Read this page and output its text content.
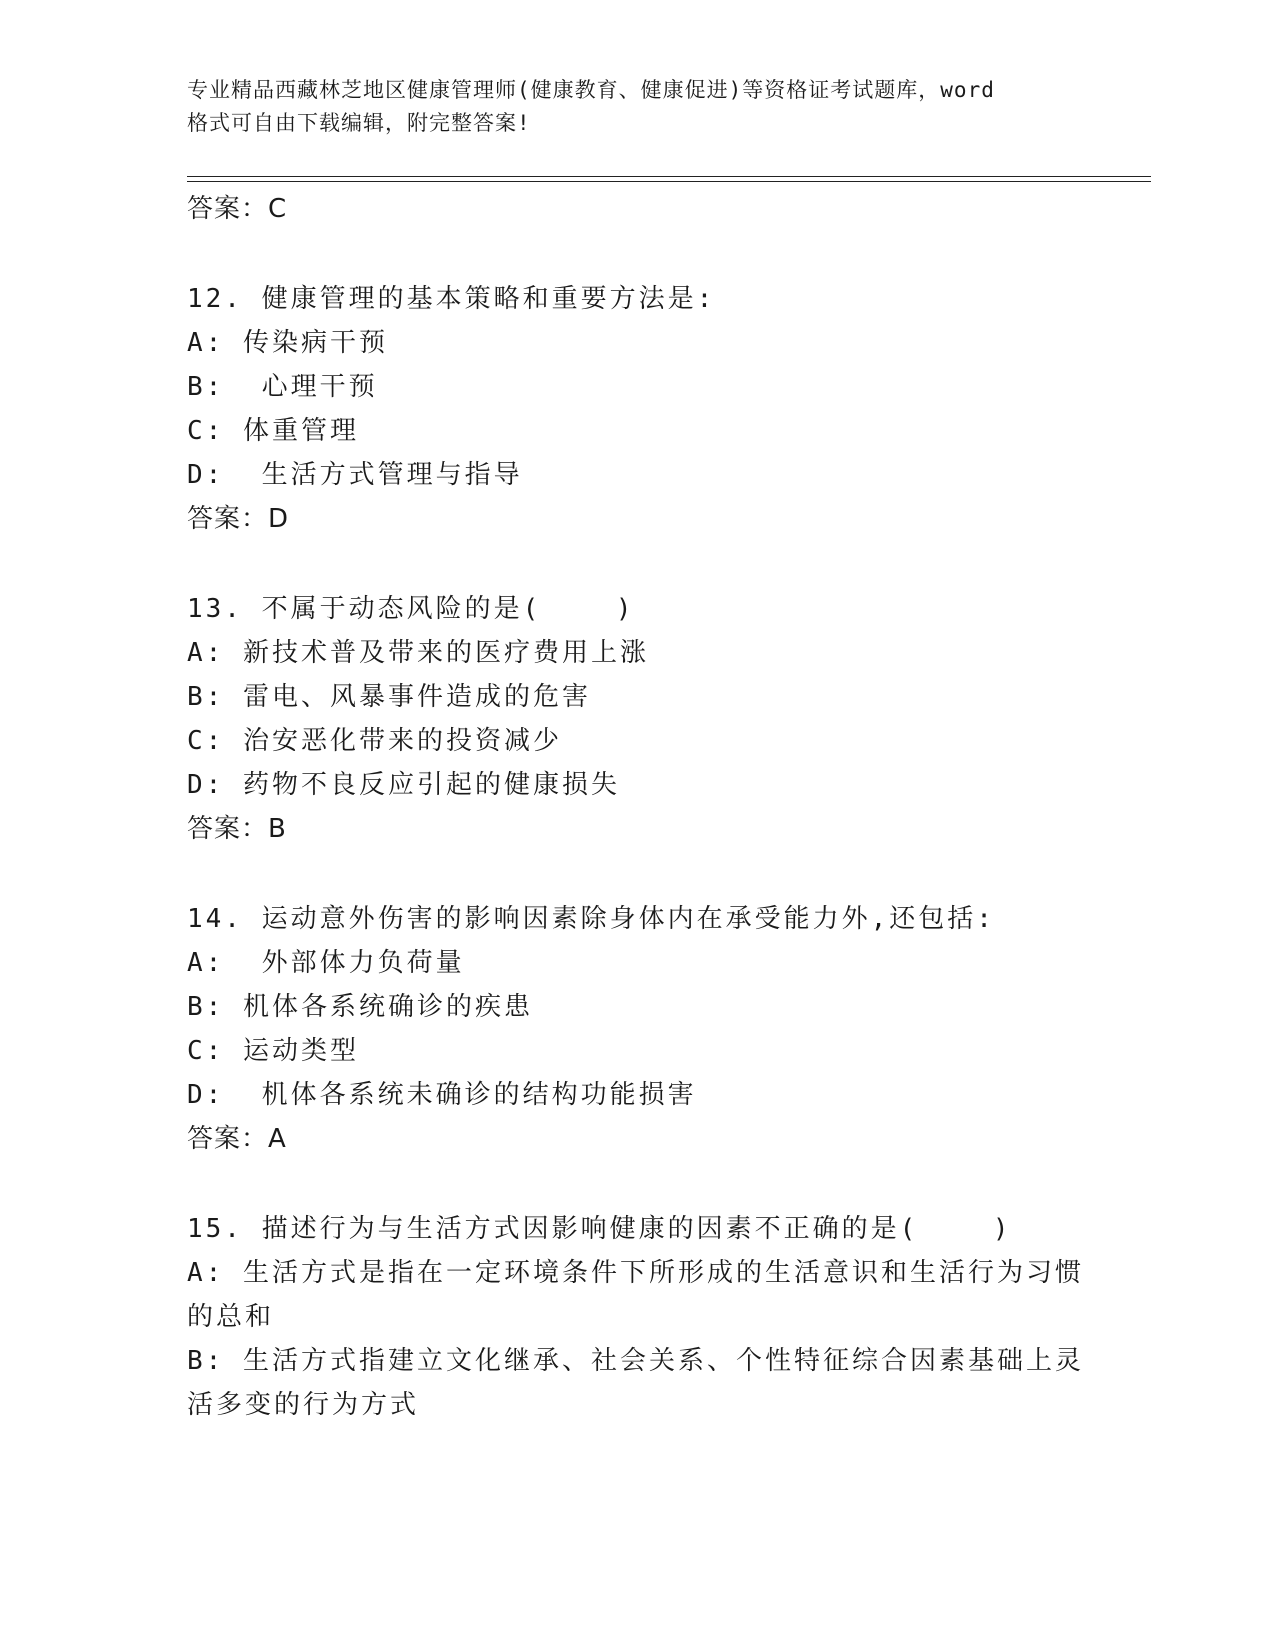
专业精品西藏林芝地区健康管理师(健康教育、健康促进)等资格证考试题库，word
格式可自由下载编辑，附完整答案!
答案：C
12. 健康管理的基本策略和重要方法是:
A: 传染病干预
B:  心理干预
C: 体重管理
D:  生活方式管理与指导
答案：D
13. 不属于动态风险的是(    )
A: 新技术普及带来的医疗费用上涨
B: 雷电、风暴事件造成的危害
C: 治安恶化带来的投资减少
D: 药物不良反应引起的健康损失
答案：B
14. 运动意外伤害的影响因素除身体内在承受能力外,还包括:
A:  外部体力负荷量
B: 机体各系统确诊的疾患
C: 运动类型
D:  机体各系统未确诊的结构功能损害
答案：A
15. 描述行为与生活方式因影响健康的因素不正确的是(    )
A: 生活方式是指在一定环境条件下所形成的生活意识和生活行为习惯
的总和
B: 生活方式指建立文化继承、社会关系、个性特征综合因素基础上灵
活多变的行为方式
